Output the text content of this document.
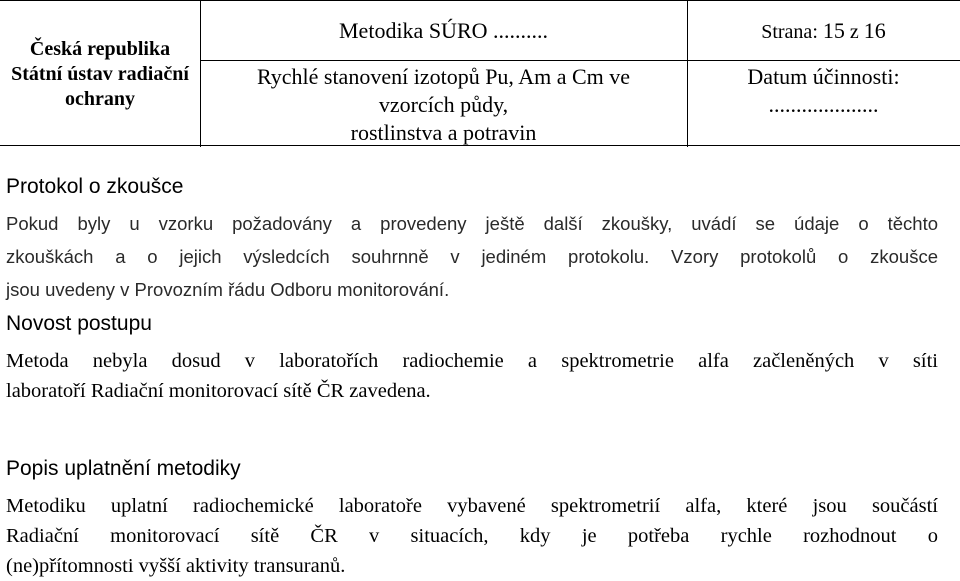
Česká republika
Státní ústav radiační
ochrany
Metodika SÚRO ..........	Strana: 15 z 16
Rychlé stanovení izotopů Pu, Am a Cm ve
vzorcích půdy,
rostlinstva a potravin
Datum účinnosti:
....................
Protokol o zkoušce
Pokud byly u vzorku požadovány a provedeny ještě další zkoušky, uvádí se údaje o těchto
zkouškách a o jejich výsledcích souhrnně v jediném protokolu. Vzory protokolů o zkoušce
jsou uvedeny v Provozním řádu Odboru monitorování.
Novost postupu
Metoda nebyla dosud v laboratořích radiochemie a spektrometrie alfa začleněných v síti
laboratoří Radiační monitorovací sítě ČR zavedena.
Popis uplatnění metodiky
Metodiku uplatní radiochemické laboratoře vybavené spektrometrií alfa, které jsou součástí
Radiační monitorovací sítě ČR v situacích, kdy je potřeba rychle rozhodnout o
(ne)přítomnosti vyšší aktivity transuranů.
